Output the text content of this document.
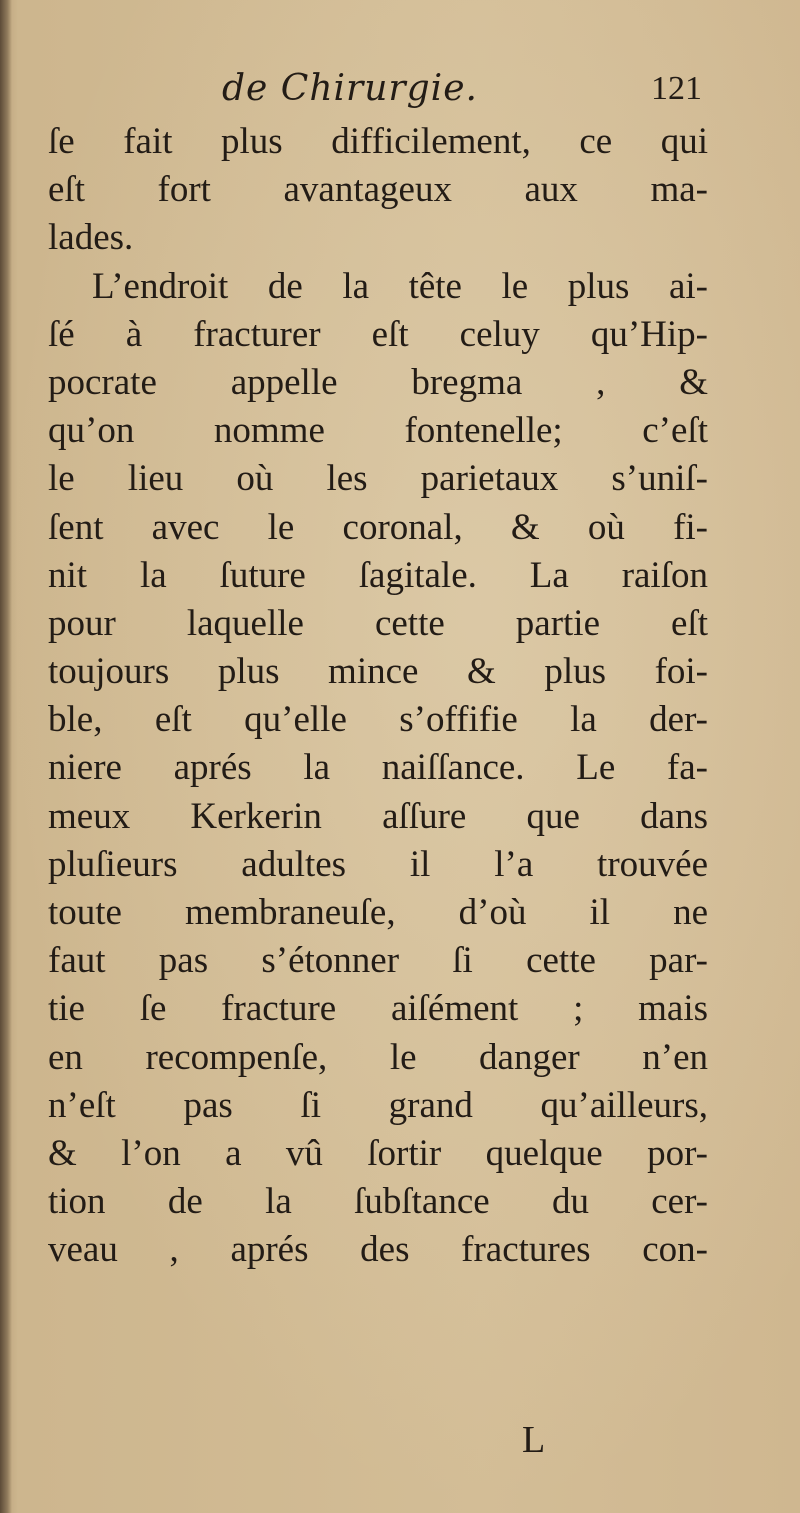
de Chirurgie.	121
ſe fait plus difficilement, ce qui
eſt fort avantageux aux ma-
lades.
L’endroit de la tête le plus ai-
ſé à fracturer eſt celuy qu’Hip-
pocrate appelle bregma , &
qu’on nomme fontenelle; c’eſt
le lieu où les parietaux s’uniſ-
ſent avec le coronal, & où fi-
nit la ſuture ſagitale. La raiſon
pour laquelle cette partie eſt
toujours plus mince & plus foi-
ble, eſt qu’elle s’offifie la der-
niere aprés la naiſſance. Le fa-
meux Kerkerin aſſure que dans
pluſieurs adultes il l’a trouvée
toute membraneuſe, d’où il ne
faut pas s’étonner ſi cette par-
tie ſe fracture aiſément ; mais
en recompenſe, le danger n’en
n’eſt pas ſi grand qu’ailleurs,
& l’on a vû ſortir quelque por-
tion de la ſubſtance du cer-
veau , aprés des fractures con-
L
